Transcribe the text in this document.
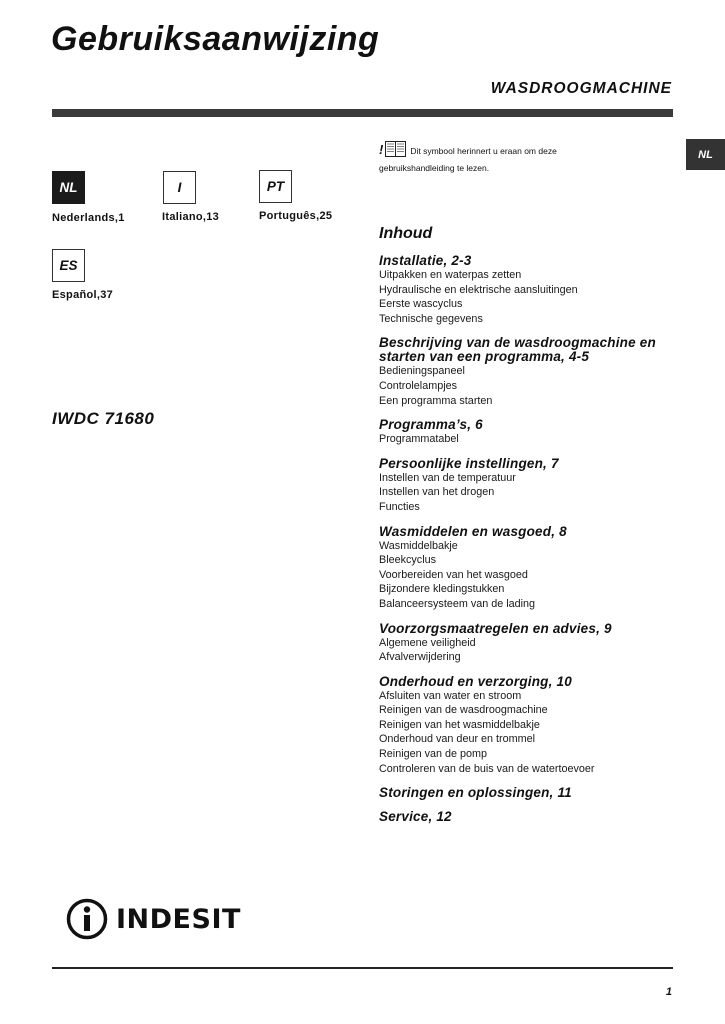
Gebruiksaanwijzing
WASDROOGMACHINE
NL
NL
Nederlands,1
I
Italiano,13
PT
Português,25
ES
Español,37
IWDC 71680
!	Dit symbool herinnert u eraan om deze
gebruikshandleiding te lezen.
Inhoud
Installatie, 2-3
Uitpakken en waterpas zetten
Hydraulische en elektrische aansluitingen
Eerste wascyclus
Technische gegevens
Beschrijving van de wasdroogmachine en starten van een programma, 4-5
Bedieningspaneel
Controlelampjes
Een programma starten
Programma’s, 6
Programmatabel
Persoonlijke instellingen, 7
Instellen van de temperatuur
Instellen van het drogen
Functies
Wasmiddelen en wasgoed, 8
Wasmiddelbakje
Bleekcyclus
Voorbereiden van het wasgoed
Bijzondere kledingstukken
Balanceersysteem van de lading
Voorzorgsmaatregelen en advies, 9
Algemene veiligheid
Afvalverwijdering
Onderhoud en verzorging, 10
Afsluiten van water en stroom
Reinigen van de wasdroogmachine
Reinigen van het wasmiddelbakje
Onderhoud van deur en trommel
Reinigen van de pomp
Controleren van de buis van de watertoevoer
Storingen en oplossingen, 11
Service, 12
INDESIT
1
